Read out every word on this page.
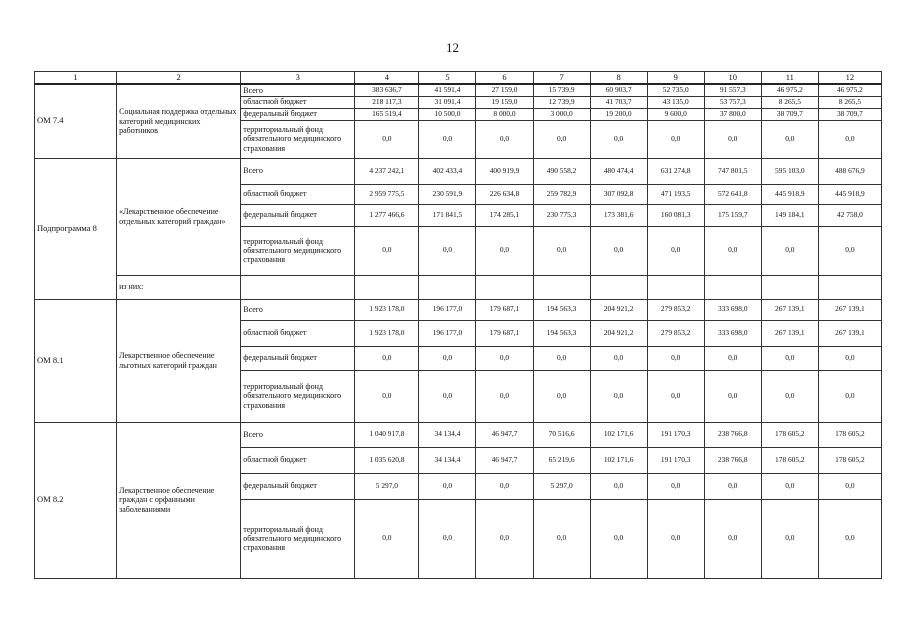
12
1	2	3	4	5	6	7	8	9	10	11	12
ОМ 7.4	Социальная поддержка отдельных категорий медицинских работников	Всего	383 636,7	41 591,4	27 159,0	15 739,9	60 903,7	52 735,0	91 557,3	46 975,2	46 975,2
		областной бюджет	218 117,3	31 091,4	19 159,0	12 739,9	41 703,7	43 135,0	53 757,3	8 265,5	8 265,5
		федеральный бюджет	165 519,4	10 500,0	8 000,0	3 000,0	19 200,0	9 600,0	37 800,0	38 709,7	38 709,7
		территориальный фонд обязательного медицинского страхования	0,0	0,0	0,0	0,0	0,0	0,0	0,0	0,0	0,0
Подпрограмма 8	«Лекарственное обеспечение отдельных категорий граждан»	Всего	4 237 242,1	402 433,4	400 919,9	490 558,2	480 474,4	631 274,8	747 801,5	595 103,0	488 676,9
		областной бюджет	2 959 775,5	230 591,9	226 634,8	259 782,9	307 092,8	471 193,5	572 641,8	445 918,9	445 918,9
		федеральный бюджет	1 277 466,6	171 841,5	174 285,1	230 775,3	173 381,6	160 081,3	175 159,7	149 184,1	42 758,0
		территориальный фонд обязательного медицинского страхования	0,0	0,0	0,0	0,0	0,0	0,0	0,0	0,0	0,0
	из них:										
ОМ 8.1	Лекарственное обеспечение льготных категорий граждан	Всего	1 923 178,0	196 177,0	179 687,1	194 563,3	204 921,2	279 853,2	333 698,0	267 139,1	267 139,1
		областной бюджет	1 923 178,0	196 177,0	179 687,1	194 563,3	204 921,2	279 853,2	333 698,0	267 139,1	267 139,1
		федеральный бюджет	0,0	0,0	0,0	0,0	0,0	0,0	0,0	0,0	0,0
		территориальный фонд обязательного медицинского страхования	0,0	0,0	0,0	0,0	0,0	0,0	0,0	0,0	0,0
ОМ 8.2	Лекарственное обеспечение граждан с орфанными заболеваниями	Всего	1 040 917,8	34 134,4	46 947,7	70 516,6	102 171,6	191 170,3	238 766,8	178 605,2	178 605,2
		областной бюджет	1 035 620,8	34 134,4	46 947,7	65 219,6	102 171,6	191 170,3	238 766,8	178 605,2	178 605,2
		федеральный бюджет	5 297,0	0,0	0,0	5 297,0	0,0	0,0	0,0	0,0	0,0
		территориальный фонд обязательного медицинского страхования	0,0	0,0	0,0	0,0	0,0	0,0	0,0	0,0	0,0
